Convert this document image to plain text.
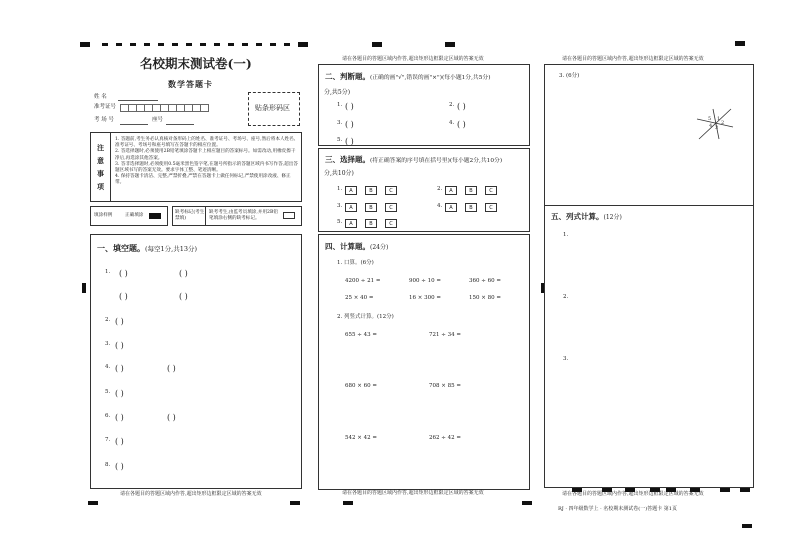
名校期末测试卷(一)
数学答题卡
姓 名
准考证号
考 场 号	座号
贴条形码区
注
意
事
项
1. 答题前,考生务必认真核对条形码上的姓名、准考证号、考场号、座号,然后将本人姓名、准考证号、考场号和座号填写在答题卡的相应位置。
2. 答选择题时,必须使用2B铅笔填涂答题卡上相应题目的答案标号。如需改动,用橡皮擦干净后,再选涂其他答案。
3. 答非选择题时,必须使用0.5毫米黑色签字笔,在题号所指示的答题区域内书写作答,超出答题区域书写的答案无效。要求字体工整、笔迹清晰。
4. 保持答题卡清洁、完整,严禁折叠,严禁在答题卡上做任何标记,严禁使用涂改液、修正带。
填涂样例	正确填涂
缺考标记(考生禁填)
缺考考生,由监考员填涂,并用2B铅笔填涂右侧的缺考标记。
一、填空题。(每空1分,共13分)
1. ( )	( )
( )	( )
2. ( )
3. ( )
4. ( )	( )
5. ( )
6. ( )	( )
7. ( )
8. ( )
请在各题目的答题区域内作答,超出矩形边框限定区域的答案无效
请在各题目的答题区域内作答,超出矩形边框限定区域的答案无效
二、判断题。(正确的画"√",错误的画"×")(每小题1分,共5分)
1. ( )	2. ( )
3. ( )	4. ( )
5. ( )
分,共5分)
三、选择题。(将正确答案的序号填在括号里)(每小题2分,共10分)
1.	A	B	C	2.	A	B	C
3.	A	B	C	4.	A	B	C
5.	A	B	C
分,共10分)
四、计算题。(24分)
1. 口算。(6分)
4200 ÷ 21 =	900 ÷ 10 =	360 ÷ 60 =
25 × 40 =	16 × 300 =	150 × 80 =
2. 列竖式计算。(12分)
655 ÷ 43 =	721 ÷ 34 =
680 × 60 =	708 × 85 =
542 × 42 =	262 ÷ 42 =
请在各题目的答题区域内作答,超出矩形边框限定区域的答案无效
请在各题目的答题区域内作答,超出矩形边框限定区域的答案无效
3. (6分)
5 1
2
4 3
五、列式计算。(12分)
1.
2.
3.
请在各题目的答题区域内作答,超出矩形边框限定区域的答案无效
RJ · 四年级数学上 · 名校期末测试卷(一)答题卡 第1页
